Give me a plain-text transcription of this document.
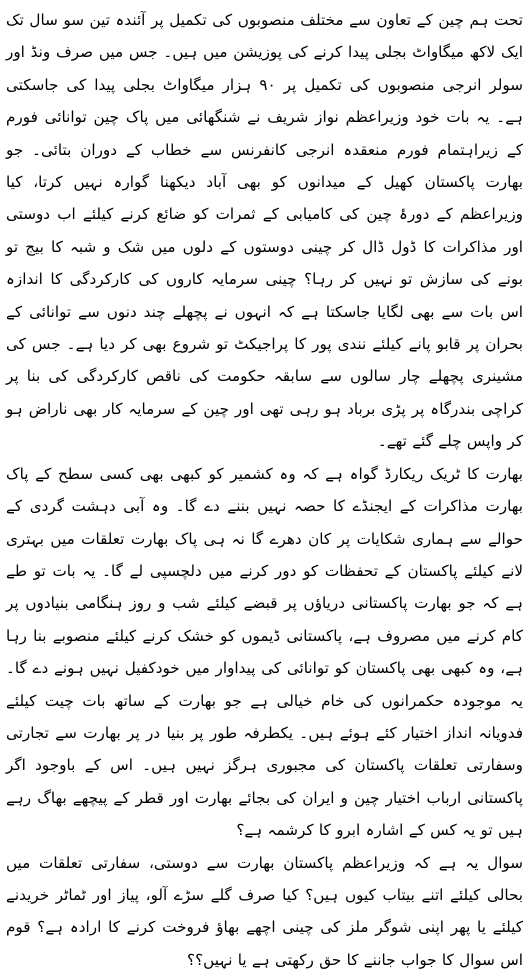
تحت ہم چین کے تعاون سے مختلف منصوبوں کی تکمیل پر آئندہ تین سو سال تک ایک لاکھ میگاواٹ بجلی پیدا کرنے کی پوزیشن میں ہیں۔ جس میں صرف ونڈ اور سولر انرجی منصوبوں کی تکمیل پر ۹۰ ہزار میگاواٹ بجلی پیدا کی جاسکتی ہے۔ یہ بات خود وزیراعظم نواز شریف نے شنگھائی میں پاک چین توانائی فورم کے زیراہتمام فورم منعقدہ انرجی کانفرنس سے خطاب کے دوران بتائی۔ جو بھارت پاکستان کھیل کے میدانوں کو بھی آباد دیکھنا گوارہ نہیں کرتا، کیا وزیراعظم کے دورۂ چین کی کامیابی کے ثمرات کو ضائع کرنے کیلئے اب دوستی اور مذاکرات کا ڈول ڈال کر چینی دوستوں کے دلوں میں شک و شبہ کا بیج تو بونے کی سازش تو نہیں کر رہا؟ چینی سرمایہ کاروں کی کارکردگی کا اندازہ اس بات سے بھی لگایا جاسکتا ہے کہ انہوں نے پچھلے چند دنوں سے توانائی کے بحران پر قابو پانے کیلئے نندی پور کا پراجیکٹ تو شروع بھی کر دیا ہے۔ جس کی مشینری پچھلے چار سالوں سے سابقہ حکومت کی ناقص کارکردگی کی بنا پر کراچی بندرگاہ پر پڑی برباد ہو رہی تھی اور چین کے سرمایہ کار بھی ناراض ہو کر واپس چلے گئے تھے۔

بھارت کا ٹریک ریکارڈ گواہ ہے کہ وہ کشمیر کو کبھی بھی کسی سطح کے پاک بھارت مذاکرات کے ایجنڈے کا حصہ نہیں بننے دے گا۔ وہ آبی دہشت گردی کے حوالے سے ہماری شکایات پر کان دھرے گا نہ ہی پاک بھارت تعلقات میں بہتری لانے کیلئے پاکستان کے تحفظات کو دور کرنے میں دلچسپی لے گا۔ یہ بات تو طے ہے کہ جو بھارت پاکستانی دریاؤں پر قبضے کیلئے شب و روز ہنگامی بنیادوں پر کام کرنے میں مصروف ہے، پاکستانی ڈیموں کو خشک کرنے کیلئے منصوبے بنا رہا ہے، وہ کبھی بھی پاکستان کو توانائی کی پیداوار میں خودکفیل نہیں ہونے دے گا۔ یہ موجودہ حکمرانوں کی خام خیالی ہے جو بھارت کے ساتھ بات چیت کیلئے فدویانہ انداز اختیار کئے ہوئے ہیں۔ یکطرفہ طور پر بنیا در پر بھارت سے تجارتی وسفارتی تعلقات پاکستان کی مجبوری ہرگز نہیں ہیں۔ اس کے باوجود اگر پاکستانی ارباب اختیار چین و ایران کی بجائے بھارت اور قطر کے پیچھے بھاگ رہے ہیں تو یہ کس کے اشارہ ابرو کا کرشمہ ہے؟

سوال یہ ہے کہ وزیراعظم پاکستان بھارت سے دوستی، سفارتی تعلقات میں بحالی کیلئے اتنے بیتاب کیوں ہیں؟ کیا صرف گلے سڑے آلو، پیاز اور ٹماٹر خریدنے کیلئے یا پھر اپنی شوگر ملز کی چینی اچھے بھاؤ فروخت کرنے کا ارادہ ہے؟ قوم اس سوال کا جواب جاننے کا حق رکھتی ہے یا نہیں؟؟
